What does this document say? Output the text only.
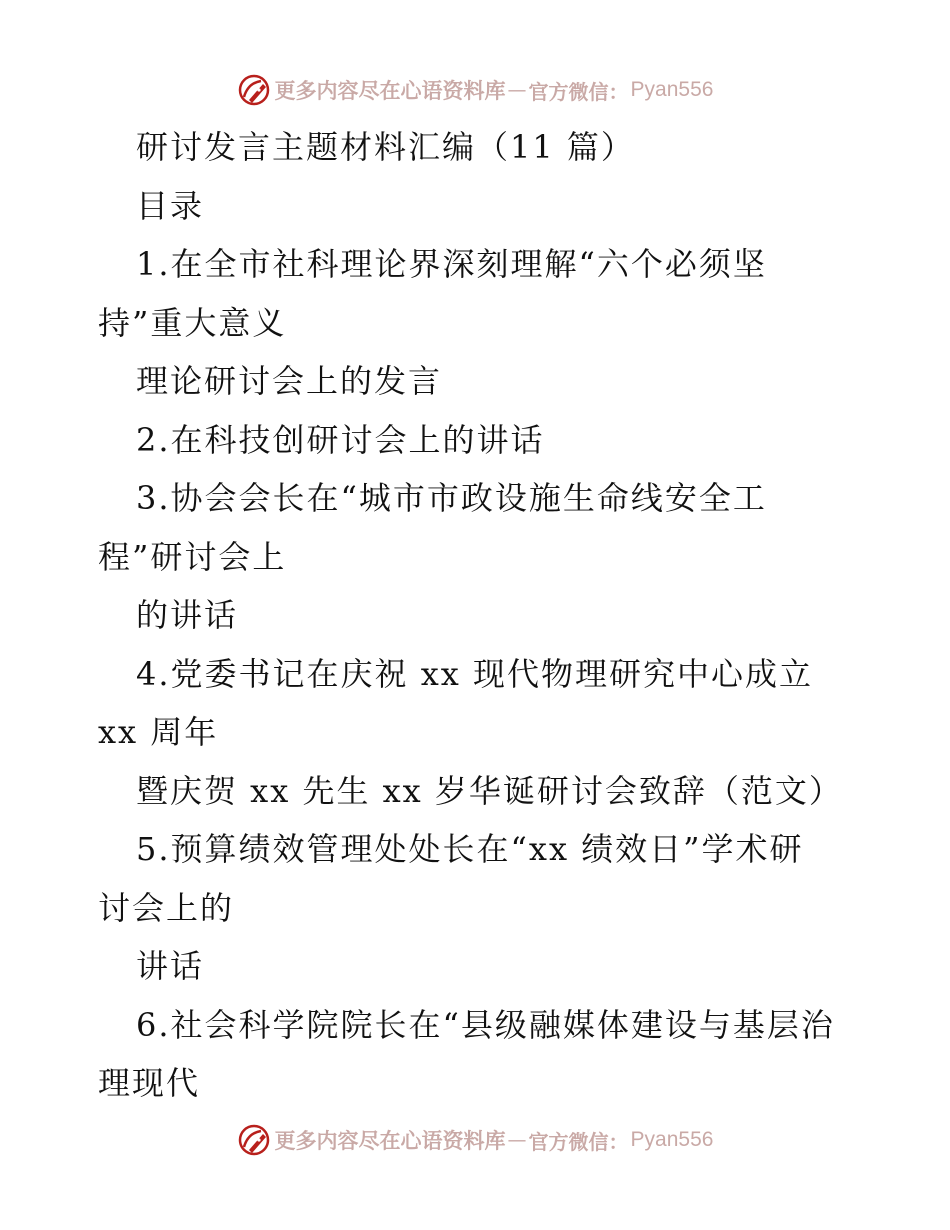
更多内容尽在心语资料库 — 官方微信： Pyan556
研讨发言主题材料汇编（11 篇）
目录
1.在全市社科理论界深刻理解“六个必须坚
持”重大意义
理论研讨会上的发言
2.在科技创研讨会上的讲话
3.协会会长在“城市市政设施生命线安全工
程”研讨会上
的讲话
4.党委书记在庆祝 xx 现代物理研究中心成立
xx 周年
暨庆贺 xx 先生 xx 岁华诞研讨会致辞（范文）
5.预算绩效管理处处长在“xx 绩效日”学术研
讨会上的
讲话
6.社会科学院院长在“县级融媒体建设与基层治
理现代
更多内容尽在心语资料库 — 官方微信： Pyan556
